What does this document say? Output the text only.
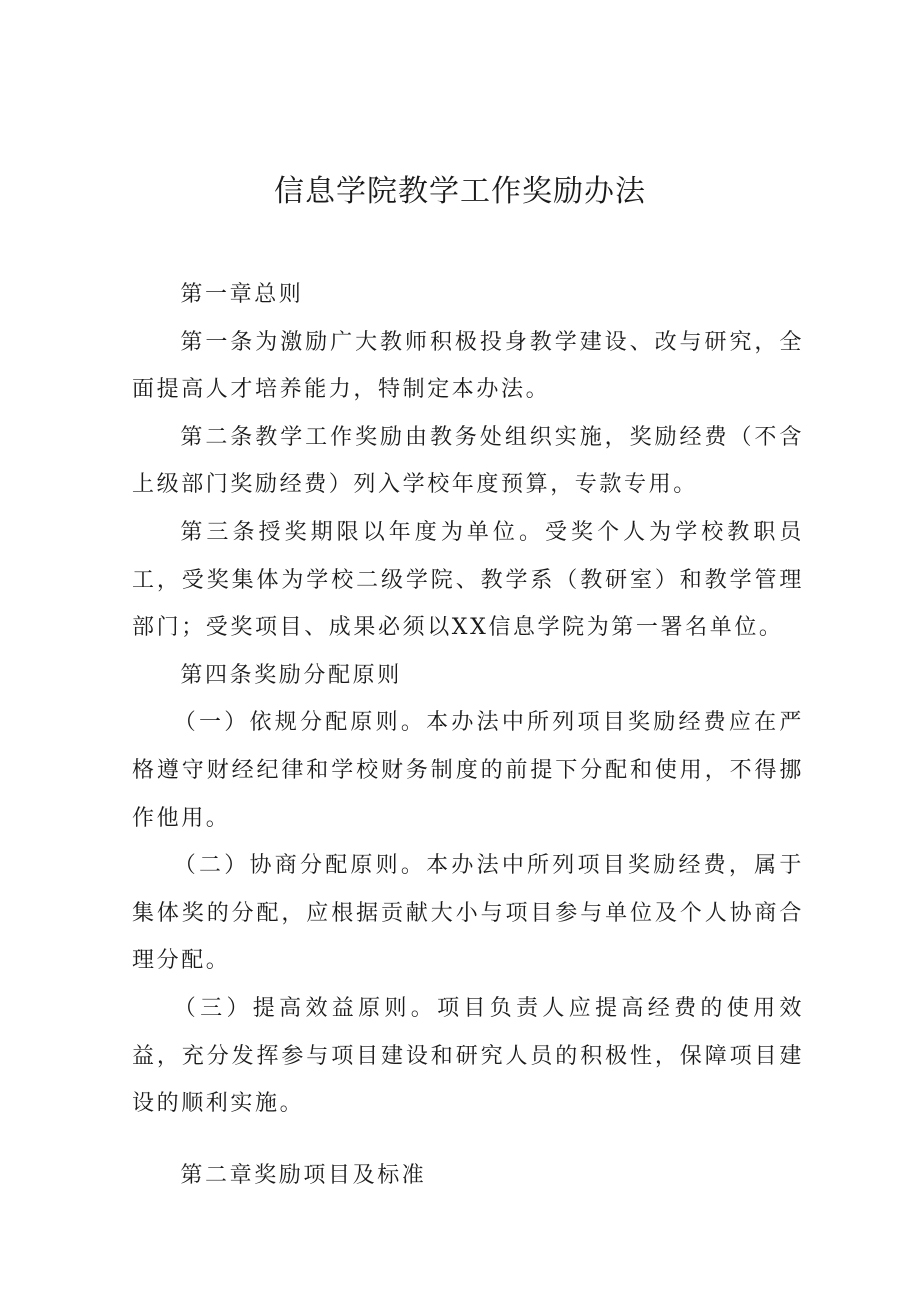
信息学院教学工作奖励办法

第一章总则

第一条为激励广大教师积极投身教学建设、改与研究，全面提高人才培养能力，特制定本办法。

第二条教学工作奖励由教务处组织实施，奖励经费（不含上级部门奖励经费）列入学校年度预算，专款专用。

第三条授奖期限以年度为单位。受奖个人为学校教职员工，受奖集体为学校二级学院、教学系（教研室）和教学管理部门；受奖项目、成果必须以XX信息学院为第一署名单位。

第四条奖励分配原则

（一）依规分配原则。本办法中所列项目奖励经费应在严格遵守财经纪律和学校财务制度的前提下分配和使用，不得挪作他用。

（二）协商分配原则。本办法中所列项目奖励经费，属于集体奖的分配，应根据贡献大小与项目参与单位及个人协商合理分配。

（三）提高效益原则。项目负责人应提高经费的使用效益，充分发挥参与项目建设和研究人员的积极性，保障项目建设的顺利实施。

第二章奖励项目及标准
